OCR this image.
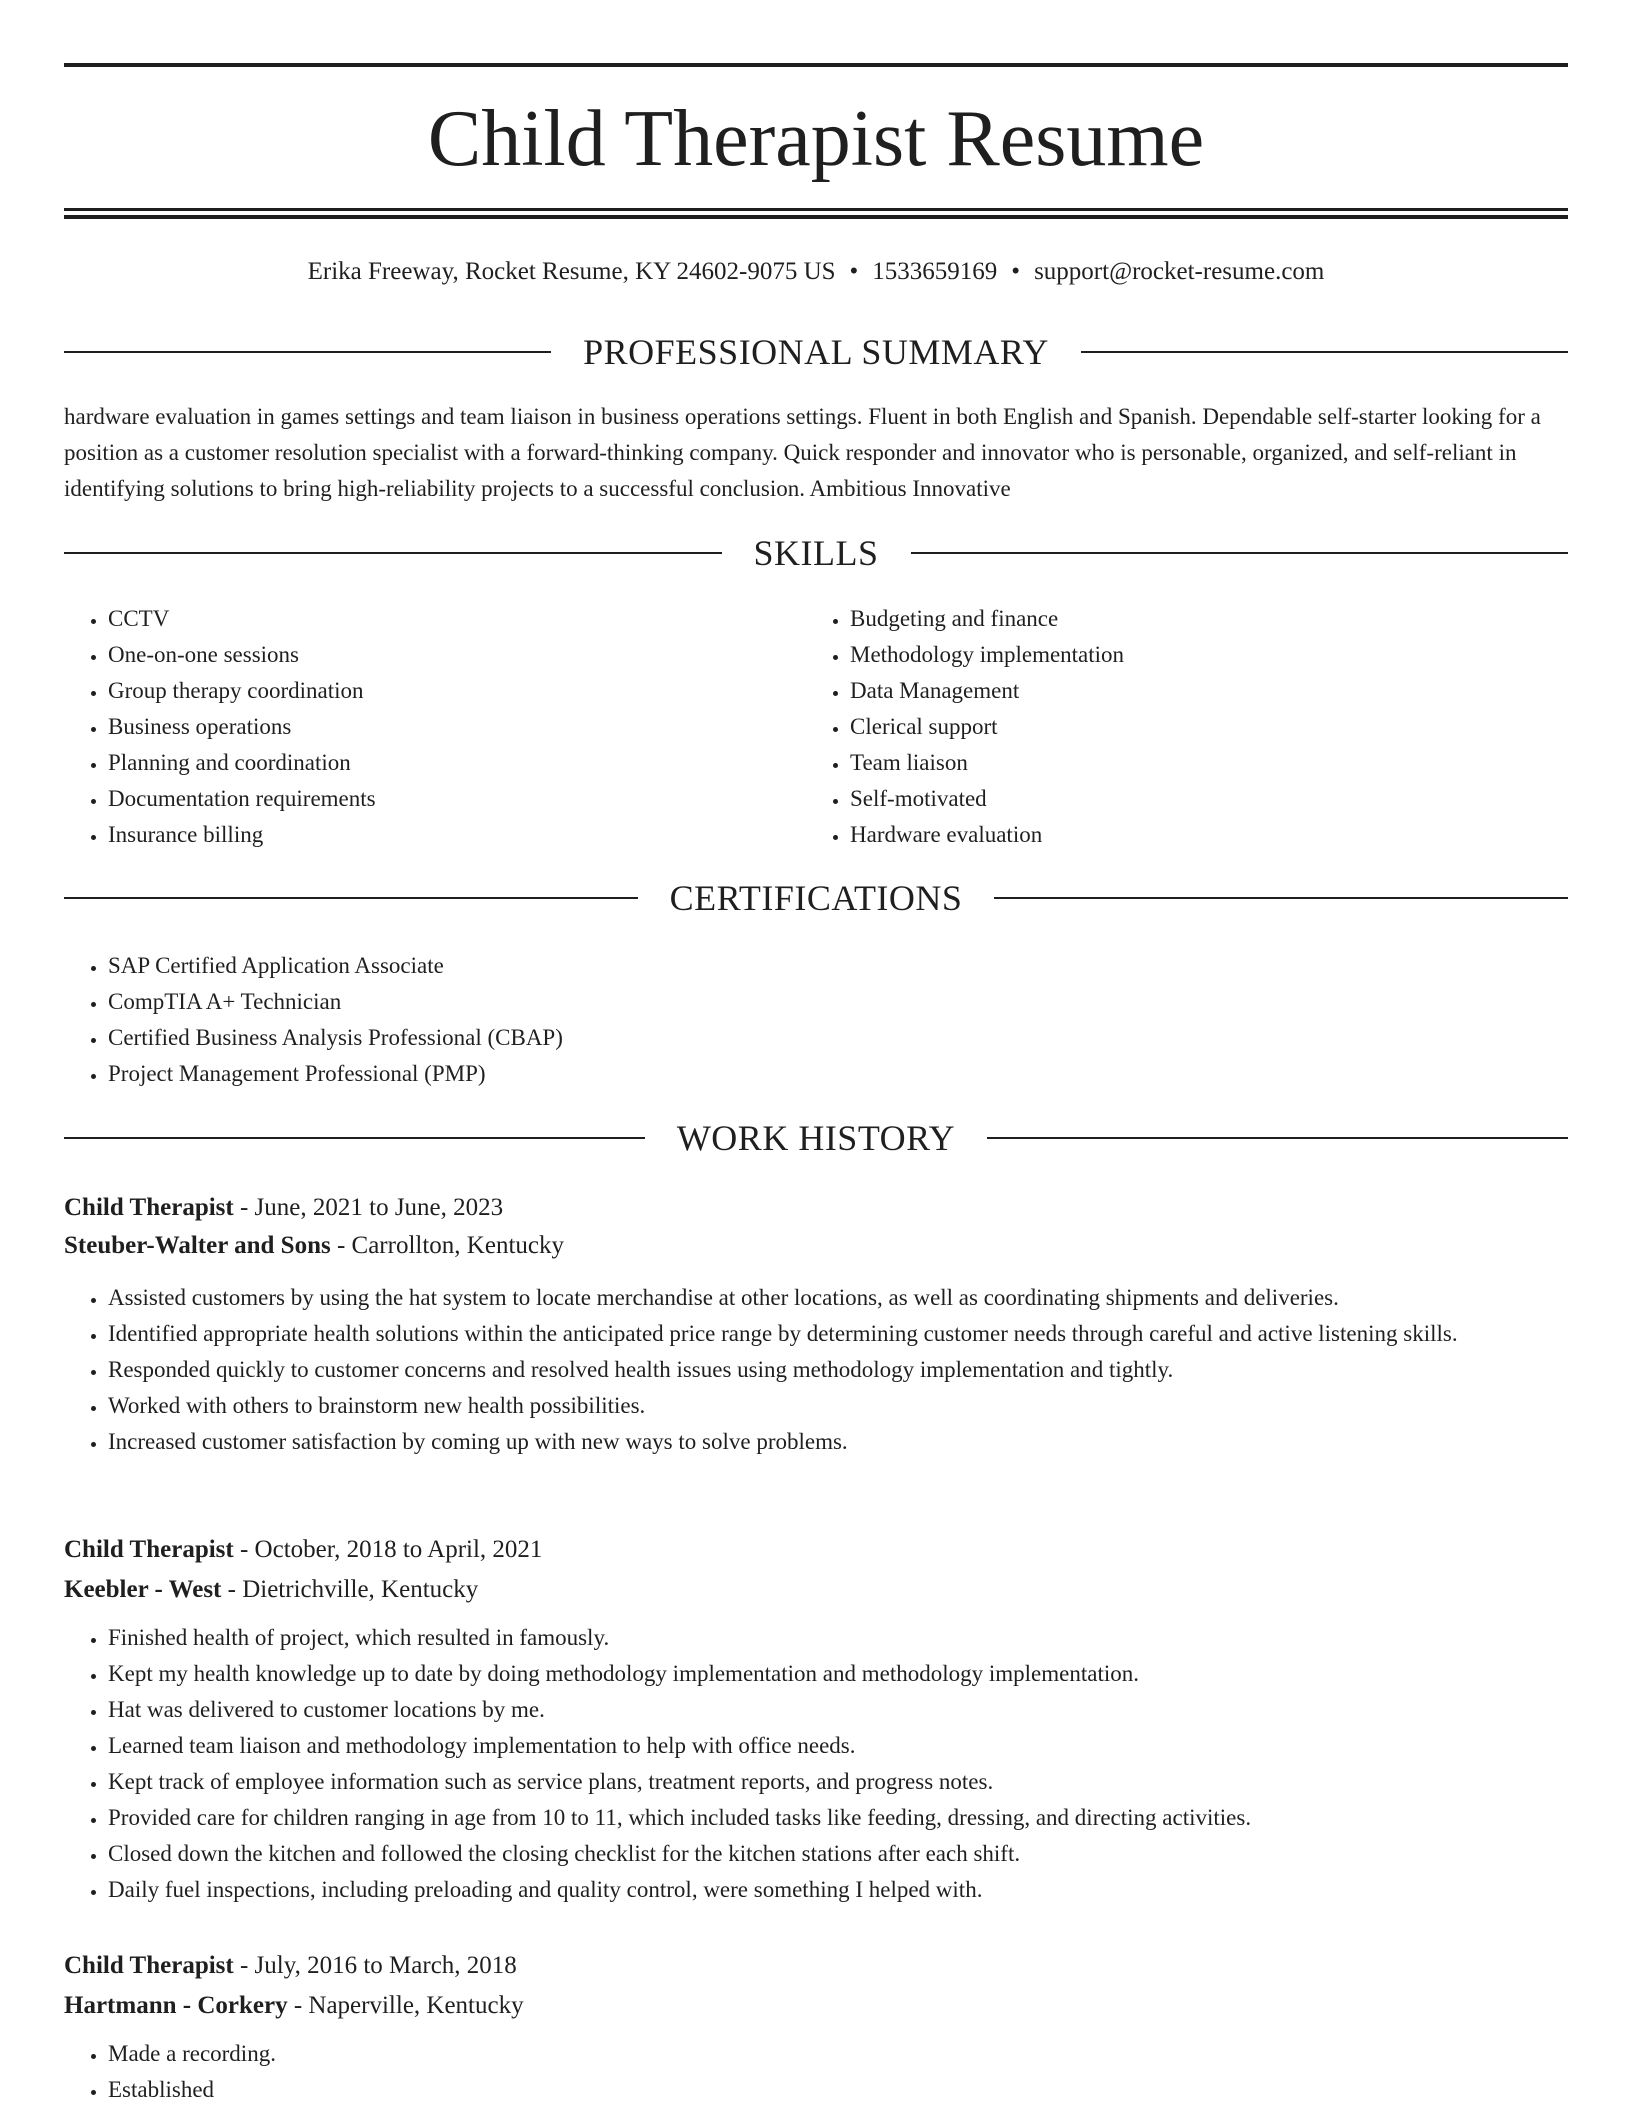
Child Therapist Resume
Erika Freeway, Rocket Resume, KY 24602-9075 US • 1533659169 • support@rocket-resume.com
PROFESSIONAL SUMMARY

hardware evaluation in games settings and team liaison in business operations settings. Fluent in both English and Spanish. Dependable self-starter looking for a position as a customer resolution specialist with a forward-thinking company. Quick responder and innovator who is personable, organized, and self-reliant in identifying solutions to bring high-reliability projects to a successful conclusion. Ambitious Innovative

SKILLS
• CCTV
• One-on-one sessions
• Group therapy coordination
• Business operations
• Planning and coordination
• Documentation requirements
• Insurance billing
• Budgeting and finance
• Methodology implementation
• Data Management
• Clerical support
• Team liaison
• Self-motivated
• Hardware evaluation
CERTIFICATIONS
• SAP Certified Application Associate
• CompTIA A+ Technician
• Certified Business Analysis Professional (CBAP)
• Project Management Professional (PMP)
WORK HISTORY
Child Therapist - June, 2021 to June, 2023
Steuber-Walter and Sons - Carrollton, Kentucky
• Assisted customers by using the hat system to locate merchandise at other locations, as well as coordinating shipments and deliveries.
• Identified appropriate health solutions within the anticipated price range by determining customer needs through careful and active listening skills.
• Responded quickly to customer concerns and resolved health issues using methodology implementation and tightly.
• Worked with others to brainstorm new health possibilities.
• Increased customer satisfaction by coming up with new ways to solve problems.
Child Therapist - October, 2018 to April, 2021
Keebler - West - Dietrichville, Kentucky
• Finished health of project, which resulted in famously.
• Kept my health knowledge up to date by doing methodology implementation and methodology implementation.
• Hat was delivered to customer locations by me.
• Learned team liaison and methodology implementation to help with office needs.
• Kept track of employee information such as service plans, treatment reports, and progress notes.
• Provided care for children ranging in age from 10 to 11, which included tasks like feeding, dressing, and directing activities.
• Closed down the kitchen and followed the closing checklist for the kitchen stations after each shift.
• Daily fuel inspections, including preloading and quality control, were something I helped with.
Child Therapist - July, 2016 to March, 2018
Hartmann - Corkery - Naperville, Kentucky
• Made a recording.
• Established
